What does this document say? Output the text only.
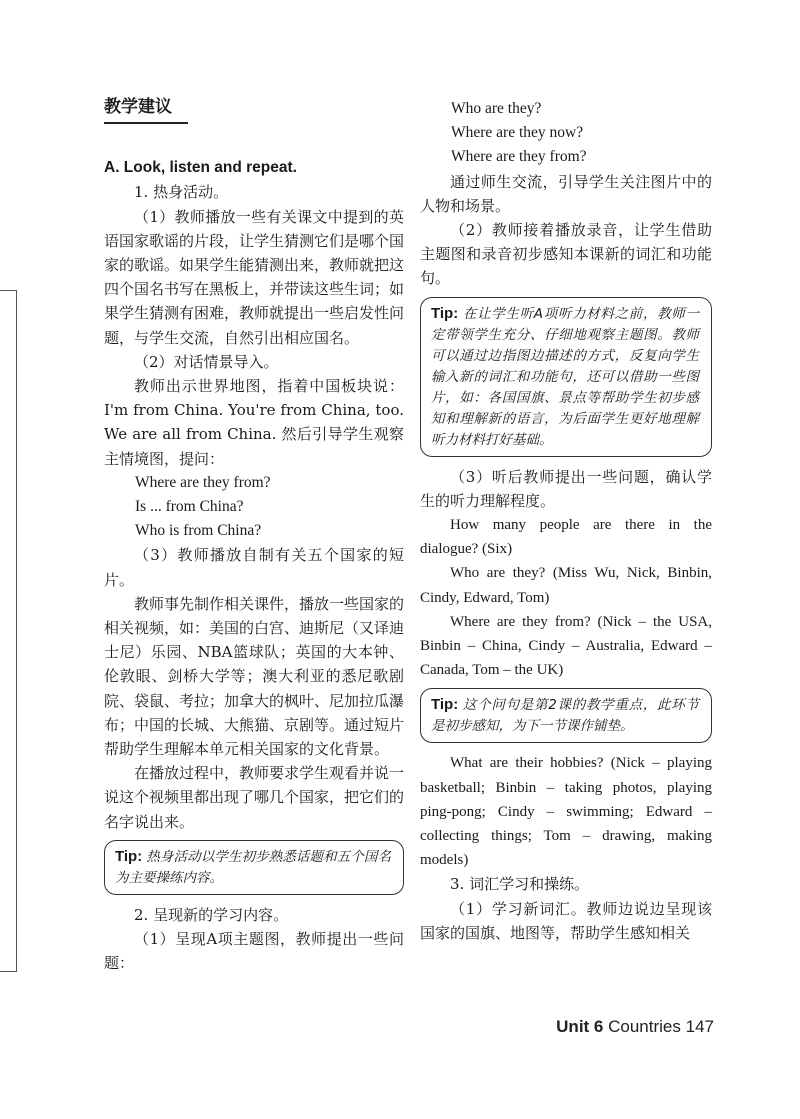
教学建议

A. Look, listen and repeat.

1. 热身活动。

（1）教师播放一些有关课文中提到的英语国家歌谣的片段，让学生猜测它们是哪个国家的歌谣。如果学生能猜测出来，教师就把这四个国名书写在黑板上，并带读这些生词；如果学生猜测有困难，教师就提出一些启发性问题，与学生交流，自然引出相应国名。

（2）对话情景导入。

教师出示世界地图，指着中国板块说：I'm from China. You're from China, too. We are all from China. 然后引导学生观察主情境图，提问：

Where are they from?

Is ... from China?

Who is from China?

（3）教师播放自制有关五个国家的短片。

教师事先制作相关课件，播放一些国家的相关视频，如：美国的白宫、迪斯尼（又译迪士尼）乐园、NBA篮球队；英国的大本钟、伦敦眼、剑桥大学等；澳大利亚的悉尼歌剧院、袋鼠、考拉；加拿大的枫叶、尼加拉瓜瀑布；中国的长城、大熊猫、京剧等。通过短片帮助学生理解本单元相关国家的文化背景。

在播放过程中，教师要求学生观看并说一说这个视频里都出现了哪几个国家，把它们的名字说出来。

Tip: 热身活动以学生初步熟悉话题和五个国名为主要操练内容。

2. 呈现新的学习内容。

（1）呈现A项主题图，教师提出一些问题：

Who are they?

Where are they now?

Where are they from?

通过师生交流，引导学生关注图片中的人物和场景。

（2）教师接着播放录音，让学生借助主题图和录音初步感知本课新的词汇和功能句。

Tip: 在让学生听A项听力材料之前，教师一定带领学生充分、仔细地观察主题图。教师可以通过边指图边描述的方式，反复向学生输入新的词汇和功能句，还可以借助一些图片，如：各国国旗、景点等帮助学生初步感知和理解新的语言，为后面学生更好地理解听力材料打好基础。

（3）听后教师提出一些问题，确认学生的听力理解程度。

How many people are there in the dialogue? (Six)

Who are they? (Miss Wu, Nick, Binbin, Cindy, Edward, Tom)

Where are they from? (Nick – the USA, Binbin – China, Cindy – Australia, Edward – Canada, Tom – the UK)

Tip: 这个问句是第2课的教学重点，此环节是初步感知，为下一节课作铺垫。

What are their hobbies? (Nick – playing basketball; Binbin – taking photos, playing ping-pong; Cindy – swimming; Edward – collecting things; Tom – drawing, making models)

3. 词汇学习和操练。

（1）学习新词汇。教师边说边呈现该国家的国旗、地图等，帮助学生感知相关

Unit 6 Countries 147
